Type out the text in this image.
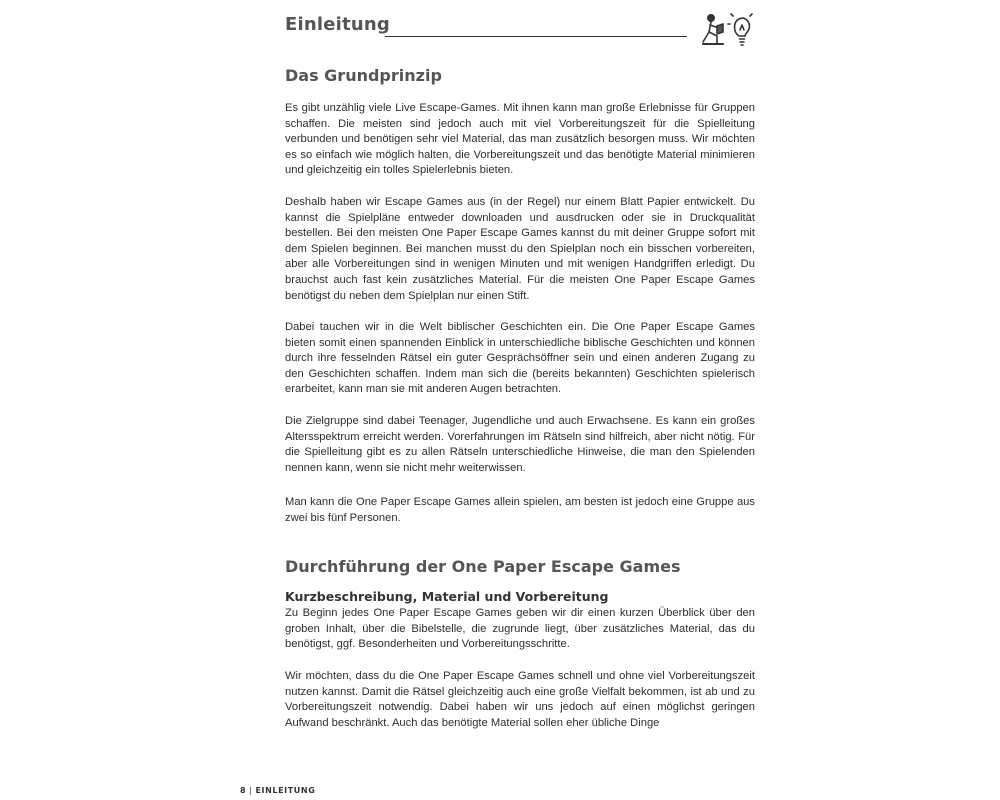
Einleitung
Das Grundprinzip

Es gibt unzählig viele Live Escape-Games. Mit ihnen kann man große Erlebnisse für Gruppen schaffen. Die meisten sind jedoch auch mit viel Vorbereitungszeit für die Spielleitung verbunden und benötigen sehr viel Material, das man zusätzlich besorgen muss. Wir möchten es so einfach wie möglich halten, die Vorbereitungszeit und das benötigte Material minimieren und gleichzeitig ein tolles Spielerlebnis bieten.

Deshalb haben wir Escape Games aus (in der Regel) nur einem Blatt Papier entwickelt. Du kannst die Spielpläne entweder downloaden und ausdrucken oder sie in Druckqualität bestellen. Bei den meisten One Paper Escape Games kannst du mit deiner Gruppe sofort mit dem Spielen beginnen. Bei manchen musst du den Spielplan noch ein bisschen vorbereiten, aber alle Vorbereitungen sind in wenigen Minuten und mit wenigen Handgriffen erledigt. Du brauchst auch fast kein zusätzliches Material. Für die meisten One Paper Escape Games benötigst du neben dem Spielplan nur einen Stift.

Dabei tauchen wir in die Welt biblischer Geschichten ein. Die One Paper Escape Games bieten somit einen spannenden Einblick in unterschiedliche biblische Geschichten und können durch ihre fesselnden Rätsel ein guter Gesprächsöffner sein und einen anderen Zugang zu den Geschichten schaffen. Indem man sich die (bereits bekannten) Geschichten spielerisch erarbeitet, kann man sie mit anderen Augen betrachten.

Die Zielgruppe sind dabei Teenager, Jugendliche und auch Erwachsene. Es kann ein großes Altersspektrum erreicht werden. Vorerfahrungen im Rätseln sind hilfreich, aber nicht nötig. Für die Spielleitung gibt es zu allen Rätseln unterschiedliche Hinweise, die man den Spielenden nennen kann, wenn sie nicht mehr weiterwissen.

Man kann die One Paper Escape Games allein spielen, am besten ist jedoch eine Gruppe aus zwei bis fünf Personen.

Durchführung der One Paper Escape Games
Kurzbeschreibung, Material und Vorbereitung

Zu Beginn jedes One Paper Escape Games geben wir dir einen kurzen Überblick über den groben Inhalt, über die Bibelstelle, die zugrunde liegt, über zusätzliches Material, das du benötigst, ggf. Besonderheiten und Vorbereitungsschritte.

Wir möchten, dass du die One Paper Escape Games schnell und ohne viel Vorbereitungszeit nutzen kannst. Damit die Rätsel gleichzeitig auch eine große Vielfalt bekommen, ist ab und zu Vorbereitungszeit notwendig. Dabei haben wir uns jedoch auf einen möglichst geringen Aufwand beschränkt. Auch das benötigte Material sollen eher übliche Dinge

8 | EINLEITUNG
